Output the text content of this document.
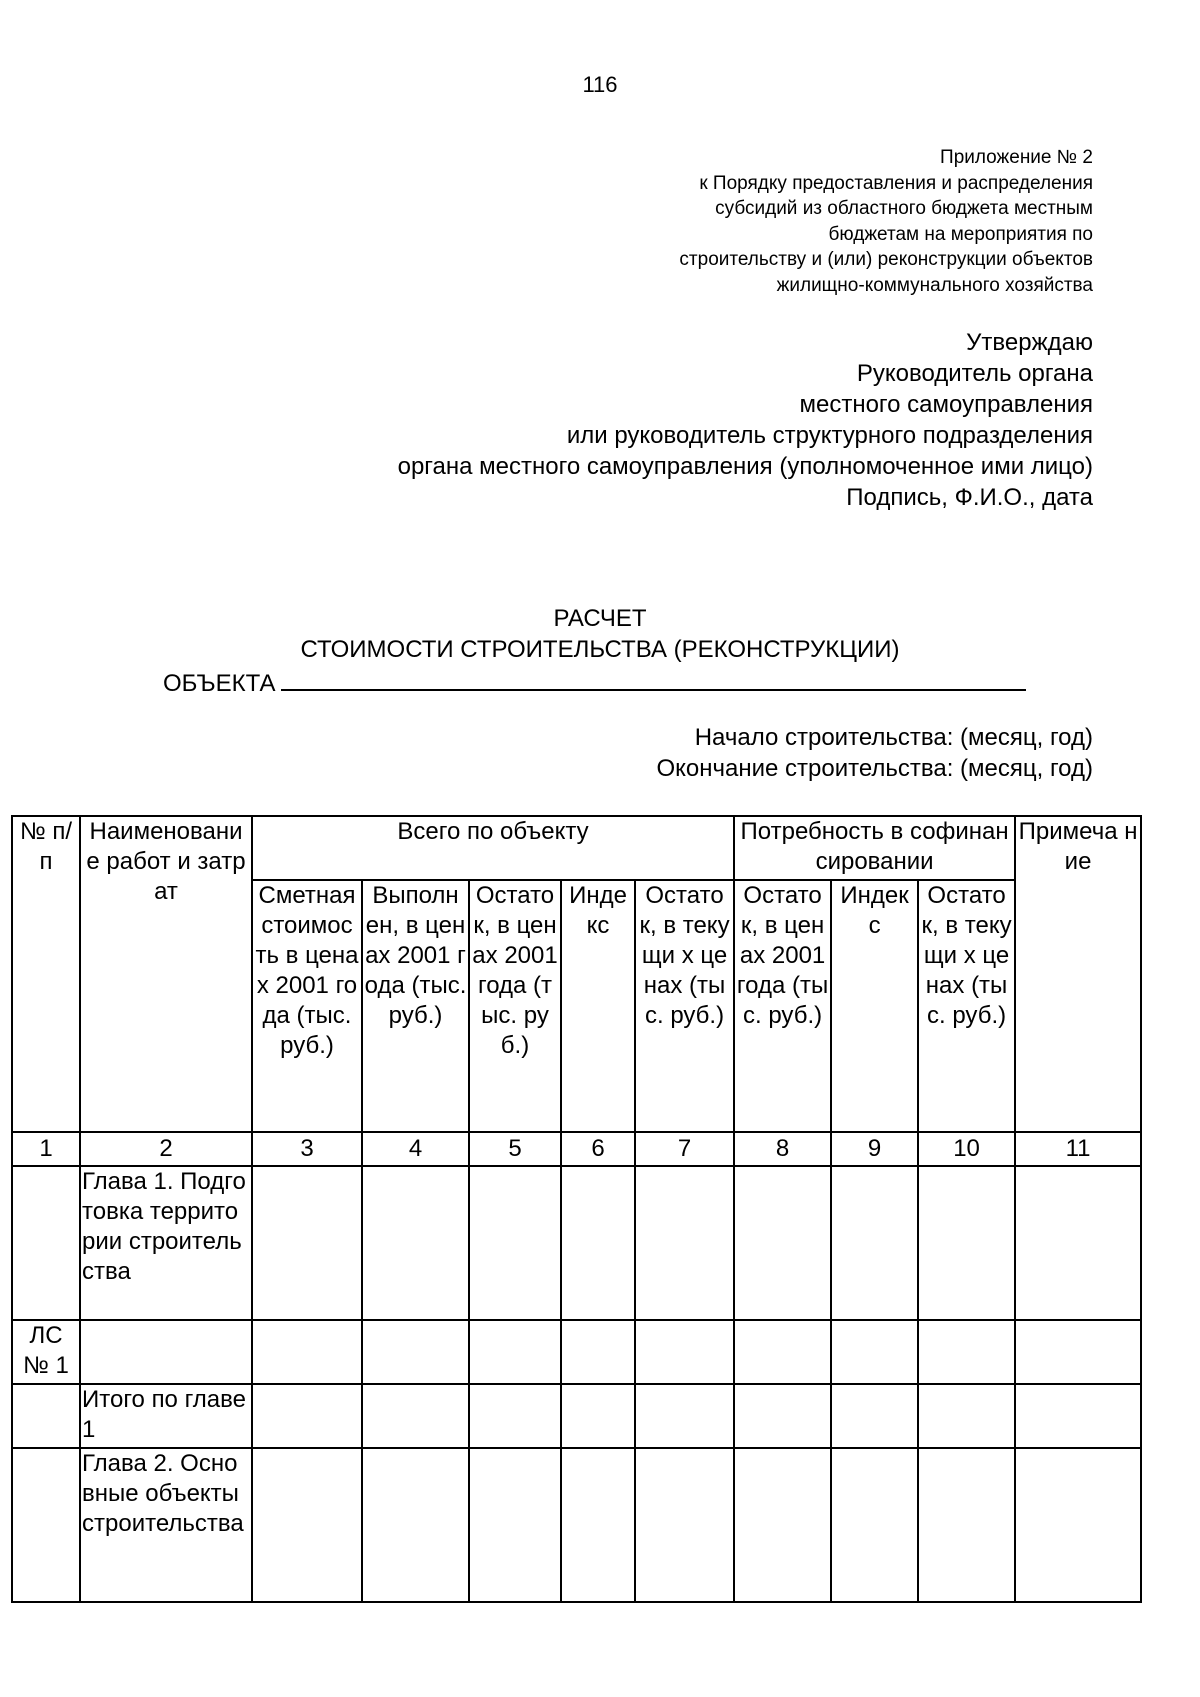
116
Приложение № 2
к Порядку предоставления и распределения
субсидий из областного бюджета местным
бюджетам на мероприятия по
строительству и (или) реконструкции объектов
жилищно-коммунального хозяйства
Утверждаю
Руководитель органа
местного самоуправления
или руководитель структурного подразделения
органа местного самоуправления (уполномоченное ими лицо)
Подпись, Ф.И.О., дата
РАСЧЕТ
СТОИМОСТИ СТРОИТЕЛЬСТВА (РЕКОНСТРУКЦИИ)
ОБЪЕКТА
Начало строительства: (месяц, год)
Окончание строительства: (месяц, год)
№ п/п	Наименовани е работ и затрат	Всего по объекту					Потребность в софинансировании			Примеча ние
		Сметная стоимос ть в ценах 2001 года (тыс. руб.)	Выполн ен, в ценах 2001 года (тыс. руб.)	Остато к, в ценах 2001 года (тыс. руб.)	Инде кс	Остато к, в текущи х ценах (тыс. руб.)	Остато к, в ценах 2001 года (тыс. руб.)	Индек с	Остато к, в текущи х ценах (тыс. руб.)	
1	2	3	4	5	6	7	8	9	10	11
	Глава 1. Подготовка территории строительства									
ЛС № 1										
	Итого по главе 1									
	Глава 2. Основные объекты строительства									
